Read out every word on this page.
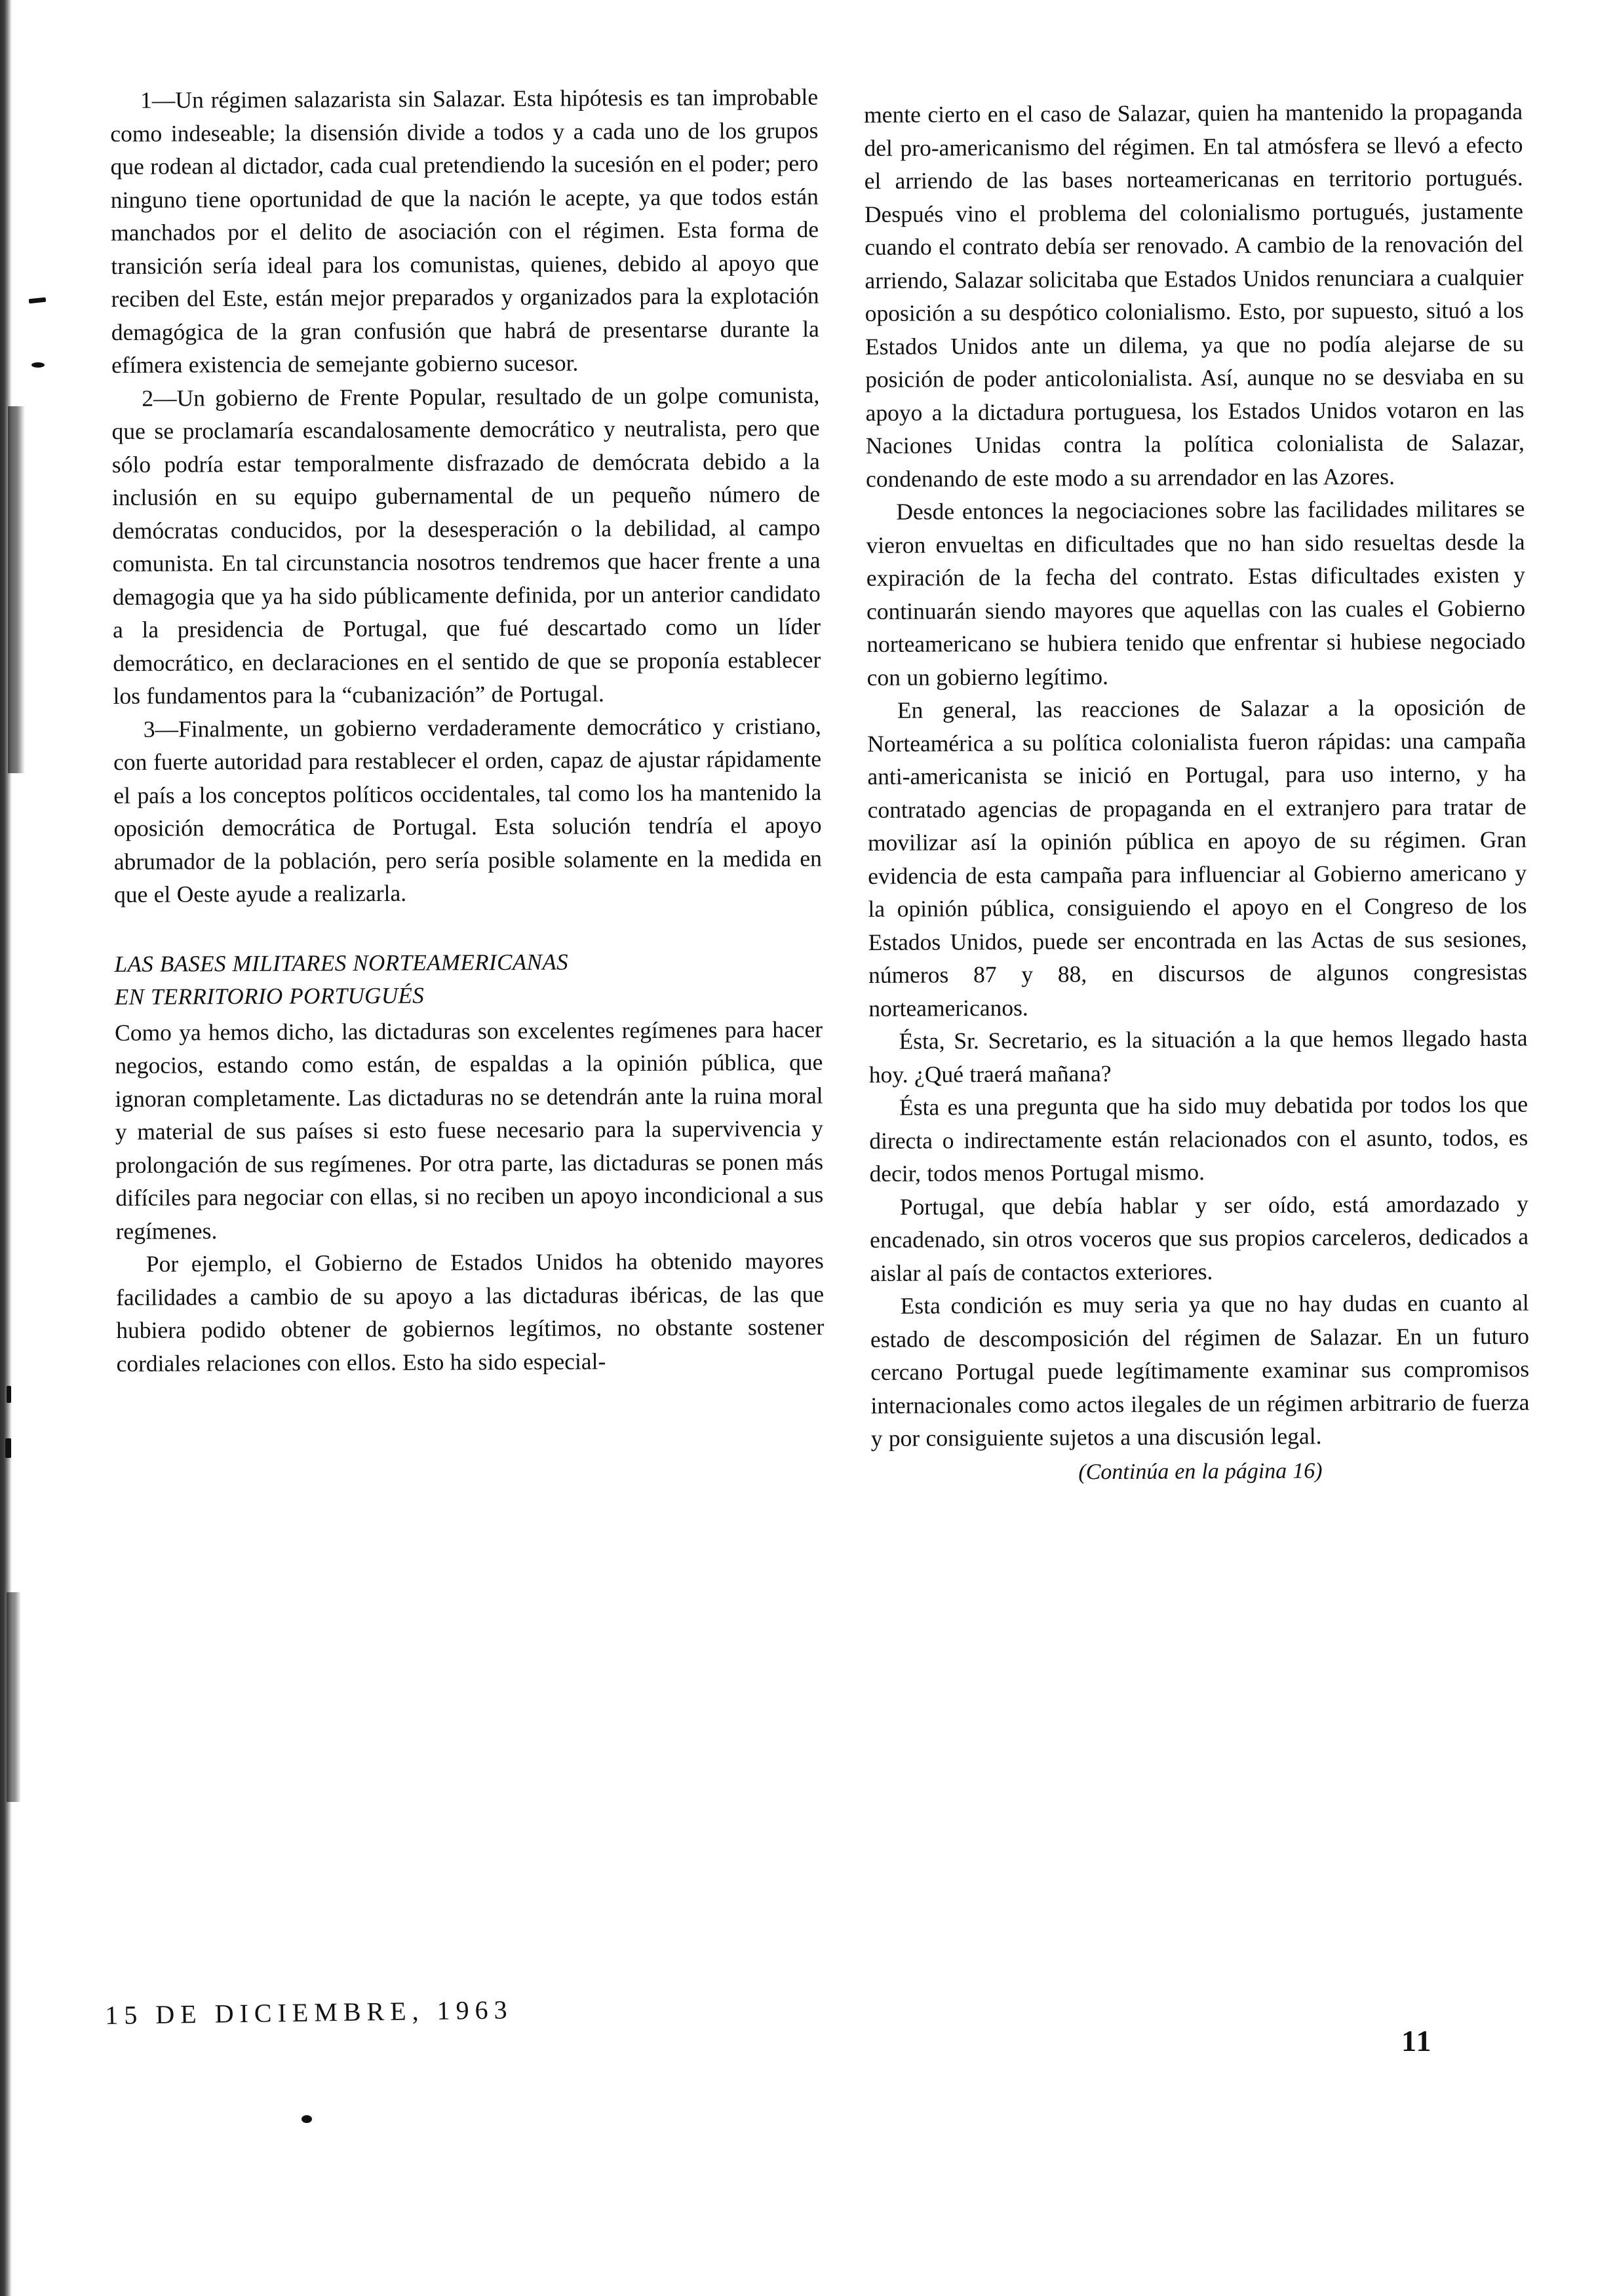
1—Un régimen salazarista sin Salazar. Esta hipótesis es tan improbable como indeseable; la disensión divide a todos y a cada uno de los grupos que rodean al dictador, cada cual pretendiendo la sucesión en el poder; pero ninguno tiene oportunidad de que la nación le acepte, ya que todos están manchados por el delito de asociación con el régimen. Esta forma de transición sería ideal para los comunistas, quienes, debido al apoyo que reciben del Este, están mejor preparados y organizados para la explotación demagógica de la gran confusión que habrá de presentarse durante la efímera existencia de semejante gobierno sucesor.

2—Un gobierno de Frente Popular, resultado de un golpe comunista, que se proclamaría escandalosamente democrático y neutralista, pero que sólo podría estar temporalmente disfrazado de demócrata debido a la inclusión en su equipo gubernamental de un pequeño número de demócratas conducidos, por la desesperación o la debilidad, al campo comunista. En tal circunstancia nosotros tendremos que hacer frente a una demagogia que ya ha sido públicamente definida, por un anterior candidato a la presidencia de Portugal, que fué descartado como un líder democrático, en declaraciones en el sentido de que se proponía establecer los fundamentos para la “cubanización” de Portugal.

3—Finalmente, un gobierno verdaderamente democrático y cristiano, con fuerte autoridad para restablecer el orden, capaz de ajustar rápidamente el país a los conceptos políticos occidentales, tal como los ha mantenido la oposición democrática de Portugal. Esta solución tendría el apoyo abrumador de la población, pero sería posible solamente en la medida en que el Oeste ayude a realizarla.

LAS BASES MILITARES NORTEAMERICANAS
EN TERRITORIO PORTUGUÉS

Como ya hemos dicho, las dictaduras son excelentes regímenes para hacer negocios, estando como están, de espaldas a la opinión pública, que ignoran completamente. Las dictaduras no se detendrán ante la ruina moral y material de sus países si esto fuese necesario para la supervivencia y prolongación de sus regímenes. Por otra parte, las dictaduras se ponen más difíciles para negociar con ellas, si no reciben un apoyo incondicional a sus regímenes.

Por ejemplo, el Gobierno de Estados Unidos ha obtenido mayores facilidades a cambio de su apoyo a las dictaduras ibéricas, de las que hubiera podido obtener de gobiernos legítimos, no obstante sostener cordiales relaciones con ellos. Esto ha sido especial-

mente cierto en el caso de Salazar, quien ha mantenido la propaganda del pro-americanismo del régimen. En tal atmósfera se llevó a efecto el arriendo de las bases norteamericanas en territorio portugués. Después vino el problema del colonialismo portugués, justamente cuando el contrato debía ser renovado. A cambio de la renovación del arriendo, Salazar solicitaba que Estados Unidos renunciara a cualquier oposición a su despótico colonialismo. Esto, por supuesto, situó a los Estados Unidos ante un dilema, ya que no podía alejarse de su posición de poder anticolonialista. Así, aunque no se desviaba en su apoyo a la dictadura portuguesa, los Estados Unidos votaron en las Naciones Unidas contra la política colonialista de Salazar, condenando de este modo a su arrendador en las Azores.

Desde entonces la negociaciones sobre las facilidades militares se vieron envueltas en dificultades que no han sido resueltas desde la expiración de la fecha del contrato. Estas dificultades existen y continuarán siendo mayores que aquellas con las cuales el Gobierno norteamericano se hubiera tenido que enfrentar si hubiese negociado con un gobierno legítimo.

En general, las reacciones de Salazar a la oposición de Norteamérica a su política colonialista fueron rápidas: una campaña anti-americanista se inició en Portugal, para uso interno, y ha contratado agencias de propaganda en el extranjero para tratar de movilizar así la opinión pública en apoyo de su régimen. Gran evidencia de esta campaña para influenciar al Gobierno americano y la opinión pública, consiguiendo el apoyo en el Congreso de los Estados Unidos, puede ser encontrada en las Actas de sus sesiones, números 87 y 88, en discursos de algunos congresistas norteamericanos.

Ésta, Sr. Secretario, es la situación a la que hemos llegado hasta hoy. ¿Qué traerá mañana?

Ésta es una pregunta que ha sido muy debatida por todos los que directa o indirectamente están relacionados con el asunto, todos, es decir, todos menos Portugal mismo.

Portugal, que debía hablar y ser oído, está amordazado y encadenado, sin otros voceros que sus propios carceleros, dedicados a aislar al país de contactos exteriores.

Esta condición es muy seria ya que no hay dudas en cuanto al estado de descomposición del régimen de Salazar. En un futuro cercano Portugal puede legítimamente examinar sus compromisos internacionales como actos ilegales de un régimen arbitrario de fuerza y por consiguiente sujetos a una discusión legal.

(Continúa en la página 16)

15 DE DICIEMBRE, 1963
11
